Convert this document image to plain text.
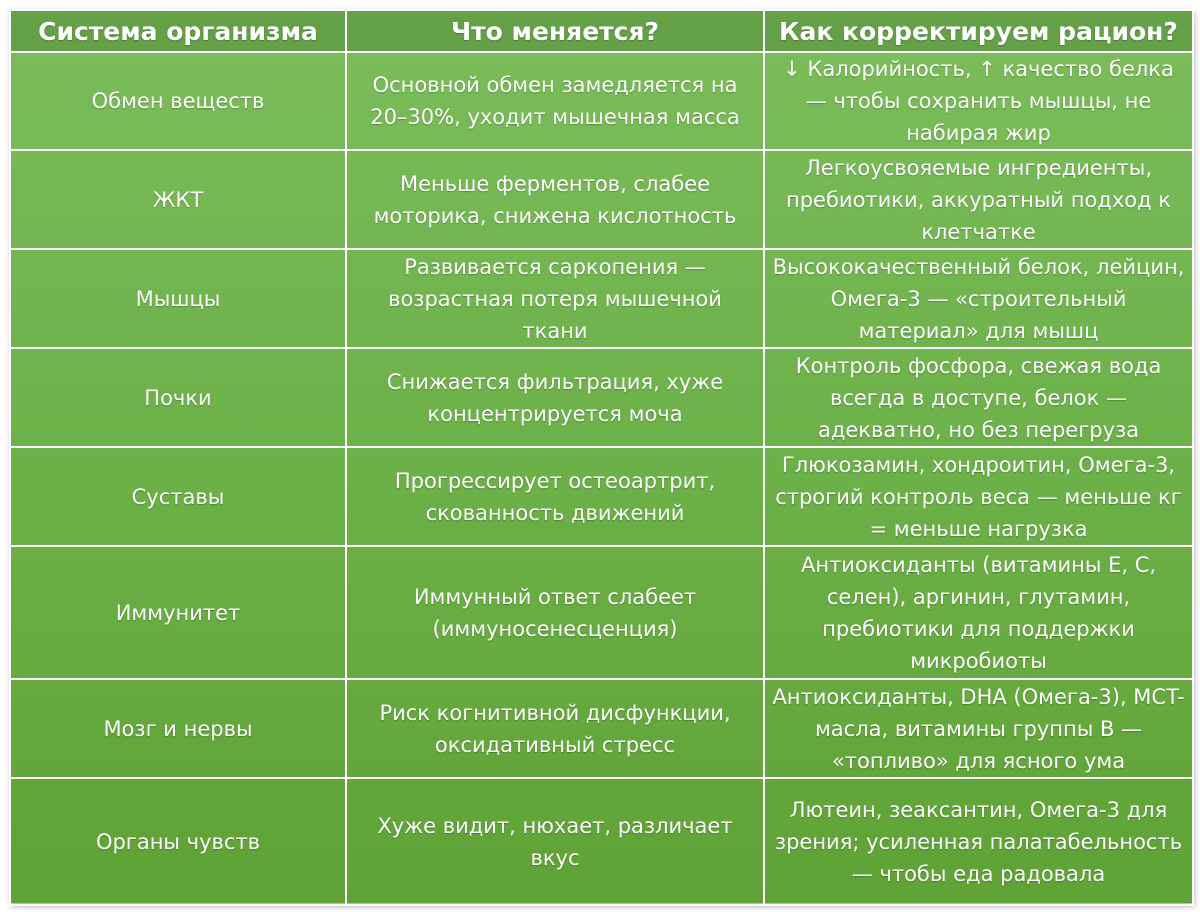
Система организма	Что меняется?	Как корректируем рацион?
Обмен веществ	Основной обмен замедляется на 20–30%, уходит мышечная масса	↓ Калорийность, ↑ качество белка — чтобы сохранить мышцы, не набирая жир
ЖКТ	Меньше ферментов, слабее моторика, снижена кислотность	Легкоусвояемые ингредиенты, пребиотики, аккуратный подход к клетчатке
Мышцы	Развивается саркопения — возрастная потеря мышечной ткани	Высококачественный белок, лейцин, Омега-3 — «строительный материал» для мышц
Почки	Снижается фильтрация, хуже концентрируется моча	Контроль фосфора, свежая вода всегда в доступе, белок — адекватно, но без перегруза
Суставы	Прогрессирует остеоартрит, скованность движений	Глюкозамин, хондроитин, Омега-3, строгий контроль веса — меньше кг = меньше нагрузка
Иммунитет	Иммунный ответ слабеет (иммуносенесценция)	Антиоксиданты (витамины Е, С, селен), аргинин, глутамин, пребиотики для поддержки микробиоты
Мозг и нервы	Риск когнитивной дисфункции, оксидативный стресс	Антиоксиданты, DHA (Омега-3), MCT-масла, витамины группы B — «топливо» для ясного ума
Органы чувств	Хуже видит, нюхает, различает вкус	Лютеин, зеаксантин, Омега-3 для зрения; усиленная палатабельность — чтобы еда радовала
